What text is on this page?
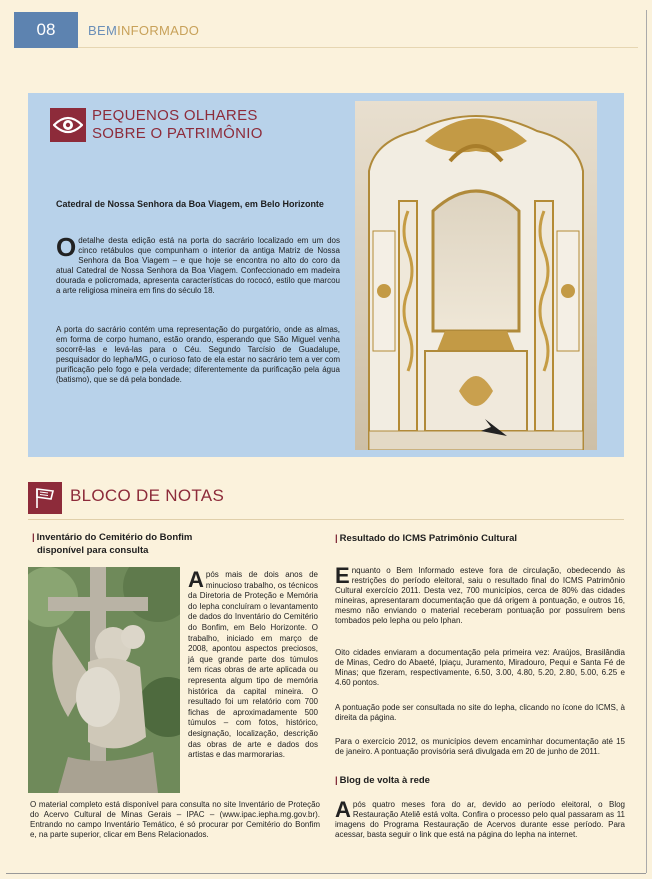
08	BEMINFORMADO
PEQUENOS OLHARES
SOBRE O PATRIMÔNIO
Catedral de Nossa Senhora da Boa Viagem, em Belo Horizonte
O detalhe desta edição está na porta do sacrário localizado em um dos cinco retábulos que compunham o interior da antiga Matriz de Nossa Senhora da Boa Viagem – e que hoje se encontra no alto do coro da atual Catedral de Nossa Senhora da Boa Viagem. Confeccionado em madeira dourada e policromada, apresenta características do rococó, estilo que marcou a arte religiosa mineira em fins do século 18.
A porta do sacrário contém uma representação do purgatório, onde as almas, em forma de corpo humano, estão orando, esperando que São Miguel venha socorrê-las e levá-las para o Céu. Segundo Tarcísio de Guadalupe, pesquisador do Iepha/MG, o curioso fato de ela estar no sacrário tem a ver com purificação pelo fogo e pela verdade; diferentemente da purificação pela água (batismo), que se dá pela bondade.
BLOCO DE NOTAS
| Inventário do Cemitério do Bonfim
disponível para consulta
Após mais de dois anos de minucioso trabalho, os técnicos da Diretoria de Proteção e Memória do Iepha concluíram o levantamento de dados do Inventário do Cemitério do Bonfim, em Belo Horizonte. O trabalho, iniciado em março de 2008, apontou aspectos preciosos, já que grande parte dos túmulos tem ricas obras de arte aplicada ou representa algum tipo de memória histórica da capital mineira. O resultado foi um relatório com 700 fichas de aproximadamente 500 túmulos – com fotos, histórico, designação, localização, descrição das obras de arte e dados dos artistas e das marmorarias.
O material completo está disponível para consulta no site Inventário de Proteção do Acervo Cultural de Minas Gerais – IPAC – (www.ipac.iepha.mg.gov.br). Entrando no campo Inventário Temático, é só procurar por Cemitério do Bonfim e, na parte superior, clicar em Bens Relacionados.
| Resultado do ICMS Patrimônio Cultural
Enquanto o Bem Informado esteve fora de circulação, obedecendo às restrições do período eleitoral, saiu o resultado final do ICMS Patrimônio Cultural exercício 2011. Desta vez, 700 municípios, cerca de 80% das cidades mineiras, apresentaram documentação que dá origem à pontuação, e outros 16, mesmo não enviando o material receberam pontuação por possuírem bens tombados pelo Iepha ou pelo Iphan.
Oito cidades enviaram a documentação pela primeira vez: Araújos, Brasilândia de Minas, Cedro do Abaeté, Ipiaçu, Juramento, Miradouro, Pequi e Santa Fé de Minas; que fizeram, respectivamente, 6.50, 3.00, 4.80, 5.20, 2.80, 5.00, 6.25 e 4.60 pontos.
A pontuação pode ser consultada no site do Iepha, clicando no ícone do ICMS, à direita da página.
Para o exercício 2012, os municípios devem encaminhar documentação até 15 de janeiro. A pontuação provisória será divulgada em 20 de junho de 2011.
| Blog de volta à rede
Após quatro meses fora do ar, devido ao período eleitoral, o Blog Restauração Ateliê está volta. Confira o processo pelo qual passaram as 11 imagens do Programa Restauração de Acervos durante esse período. Para acessar, basta seguir o link que está na página do Iepha na internet.
